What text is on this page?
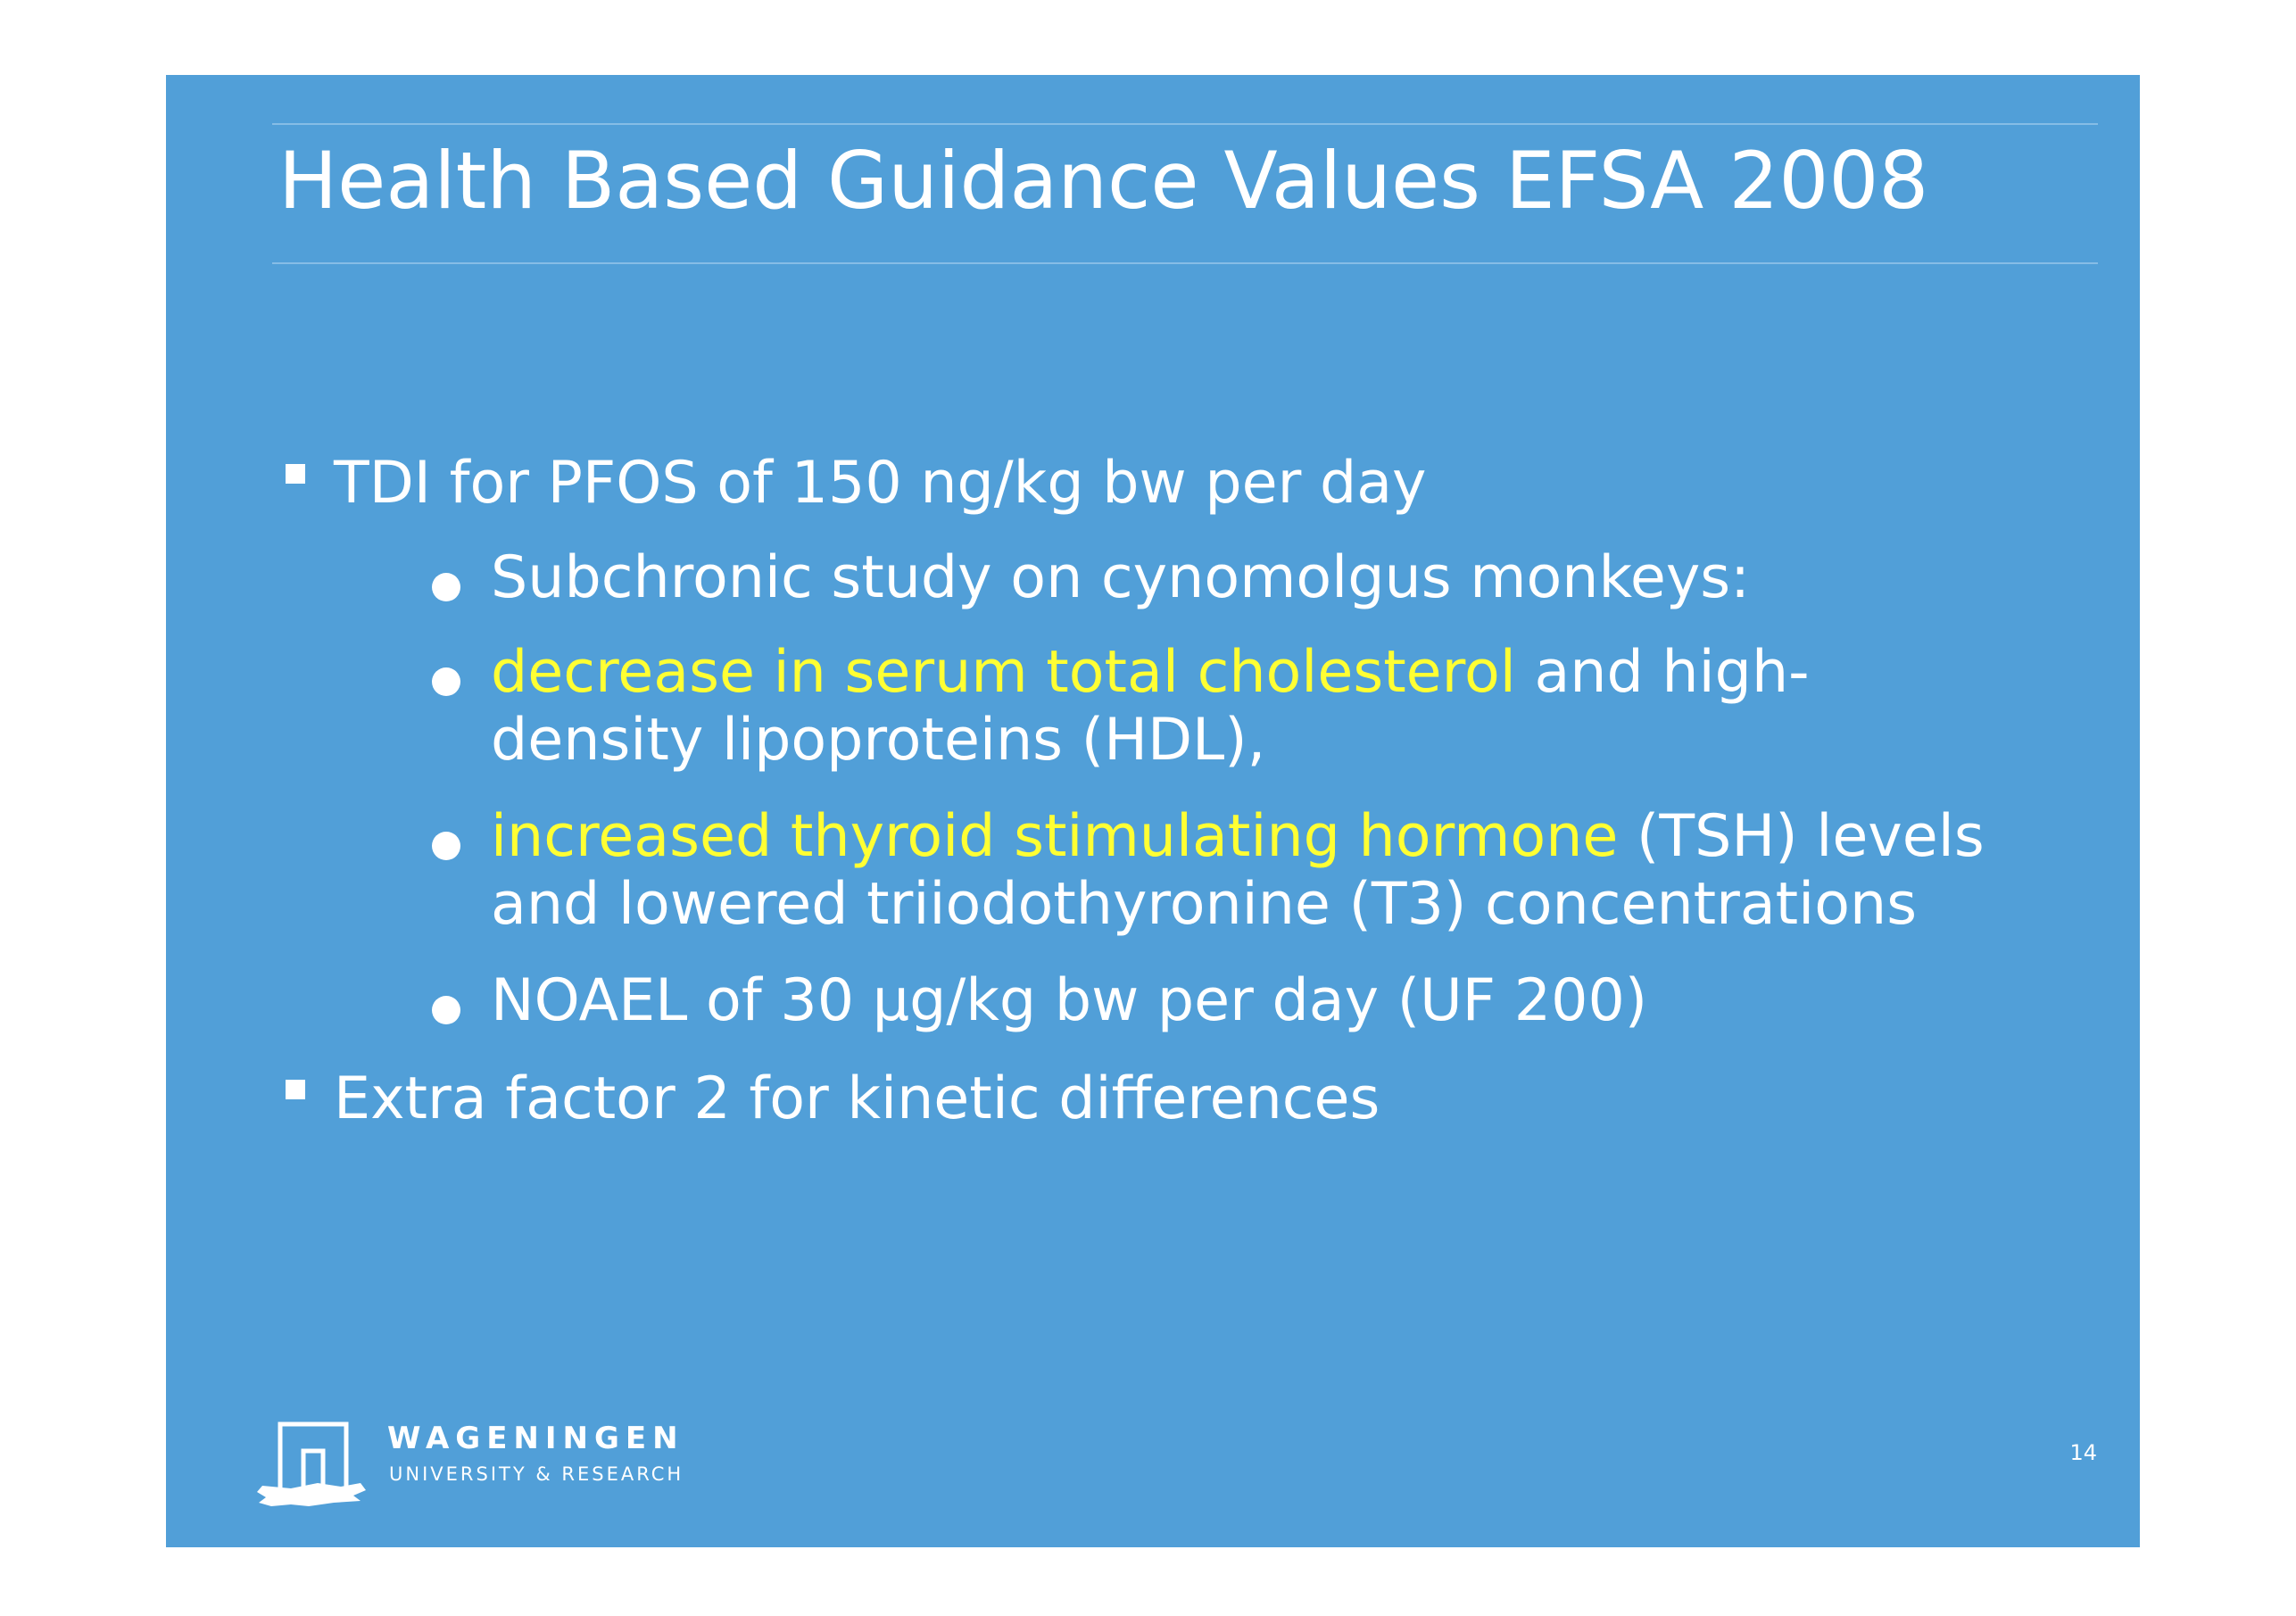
Health Based Guidance Values EFSA 2008
TDI for PFOS of 150 ng/kg bw per day
Subchronic study on cynomolgus monkeys:
decrease in serum total cholesterol and high-
density lipoproteins (HDL),
increased thyroid stimulating hormone (TSH) levels
and lowered triiodothyronine (T3) concentrations
NOAEL of 30 µg/kg bw per day (UF 200)
Extra factor 2 for kinetic differences
WAGENINGEN
UNIVERSITY & RESEARCH
14
